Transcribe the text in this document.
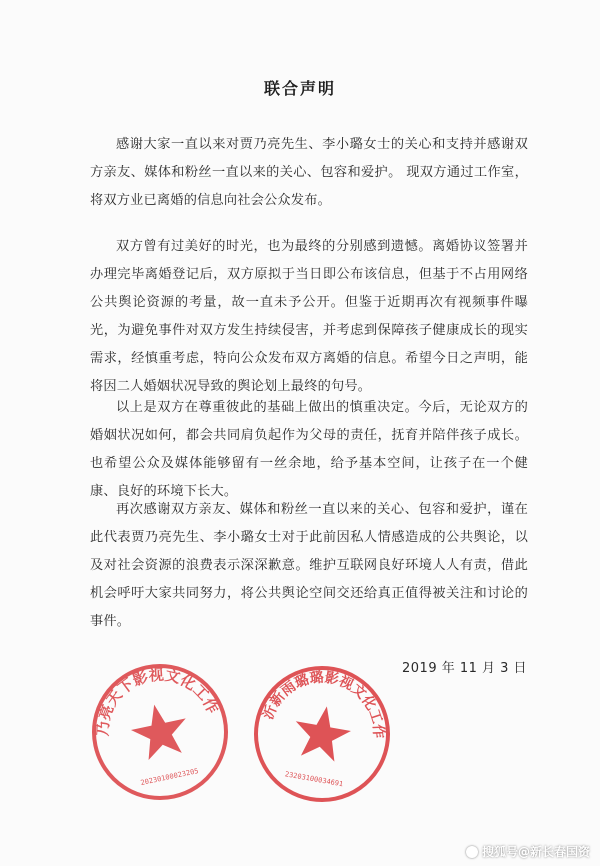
联合声明
感谢大家一直以来对贾乃亮先生、李小璐女士的关心和支持并感谢双方亲友、媒体和粉丝一直以来的关心、包容和爱护。 现双方通过工作室，将双方业已离婚的信息向社会公众发布。
双方曾有过美好的时光，也为最终的分别感到遗憾。离婚协议签署并办理完毕离婚登记后，双方原拟于当日即公布该信息，但基于不占用网络公共舆论资源的考量，故一直未予公开。但鉴于近期再次有视频事件曝光，为避免事件对双方发生持续侵害，并考虑到保障孩子健康成长的现实需求，经慎重考虑，特向公众发布双方离婚的信息。希望今日之声明，能将因二人婚姻状况导致的舆论划上最终的句号。
以上是双方在尊重彼此的基础上做出的慎重决定。今后，无论双方的婚姻状况如何，都会共同肩负起作为父母的责任，抚育并陪伴孩子成长。也希望公众及媒体能够留有一丝余地，给予基本空间，让孩子在一个健康、良好的环境下长大。
再次感谢双方亲友、媒体和粉丝一直以来的关心、包容和爱护，谨在此代表贾乃亮先生、李小璐女士对于此前因私人情感造成的公共舆论，以及对社会资源的浪费表示深深歉意。维护互联网良好环境人人有责，借此机会呼吁大家共同努力，将公共舆论空间交还给真正值得被关注和讨论的事件。
2019 年 11 月 3 日
贾乃亮天下影视文化工作室
20230100023205
新沂新雨璐璐影视文化工作室
23203100034691
搜狐号@新长春国资
